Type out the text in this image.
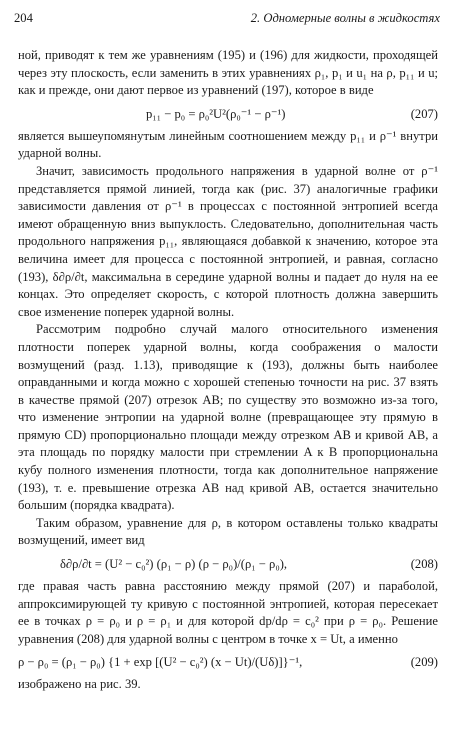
204	2. Одномерные волны в жидкостях

ной, приводят к тем же уравнениям (195) и (196) для жидкости, проходящей через эту плоскость, если заменить в этих уравнениях ρ₁, p₁ и u₁ на ρ, p₁₁ и u; как и прежде, они дают первое из уравнений (197), которое в виде

p₁₁ − p₀ = ρ₀²U²(ρ₀⁻¹ − ρ⁻¹)	(207)

является вышеупомянутым линейным соотношением между p₁₁ и ρ⁻¹ внутри ударной волны.

Значит, зависимость продольного напряжения в ударной волне от ρ⁻¹ представляется прямой линией, тогда как (рис. 37) аналогичные графики зависимости давления от ρ⁻¹ в процессах с постоянной энтропией всегда имеют обращенную вниз выпуклость. Следовательно, дополнительная часть продольного напряжения p₁₁, являющаяся добавкой к значению, которое эта величина имеет для процесса с постоянной энтропией, и равная, согласно (193), δ∂ρ/∂t, максимальна в середине ударной волны и падает до нуля на ее концах. Это определяет скорость, с которой плотность должна завершить свое изменение поперек ударной волны.

Рассмотрим подробно случай малого относительного изменения плотности поперек ударной волны, когда соображения о малости возмущений (разд. 1.13), приводящие к (193), должны быть наиболее оправданными и когда можно с хорошей степенью точности на рис. 37 взять в качестве прямой (207) отрезок AB; по существу это возможно из-за того, что изменение энтропии на ударной волне (превращающее эту прямую в прямую CD) пропорционально площади между отрезком AB и кривой AB, а эта площадь по порядку малости при стремлении A к B пропорциональна кубу полного изменения плотности, тогда как дополнительное напряжение (193), т. е. превышение отрезка AB над кривой AB, остается значительно большим (порядка квадрата).

Таким образом, уравнение для ρ, в котором оставлены только квадраты возмущений, имеет вид

δ∂ρ/∂t = (U² − c₀²) (ρ₁ − ρ) (ρ − ρ₀)/(ρ₁ − ρ₀),	(208)

где правая часть равна расстоянию между прямой (207) и параболой, аппроксимирующей ту кривую с постоянной энтропией, которая пересекает ее в точках ρ = ρ₀ и ρ = ρ₁ и для которой dp/dρ = c₀² при ρ = ρ₀. Решение уравнения (208) для ударной волны с центром в точке x = Ut, а именно

ρ − ρ₀ = (ρ₁ − ρ₀) {1 + exp [(U² − c₀²) (x − Ut)/(Uδ)]}⁻¹,	(209)

изображено на рис. 39.
